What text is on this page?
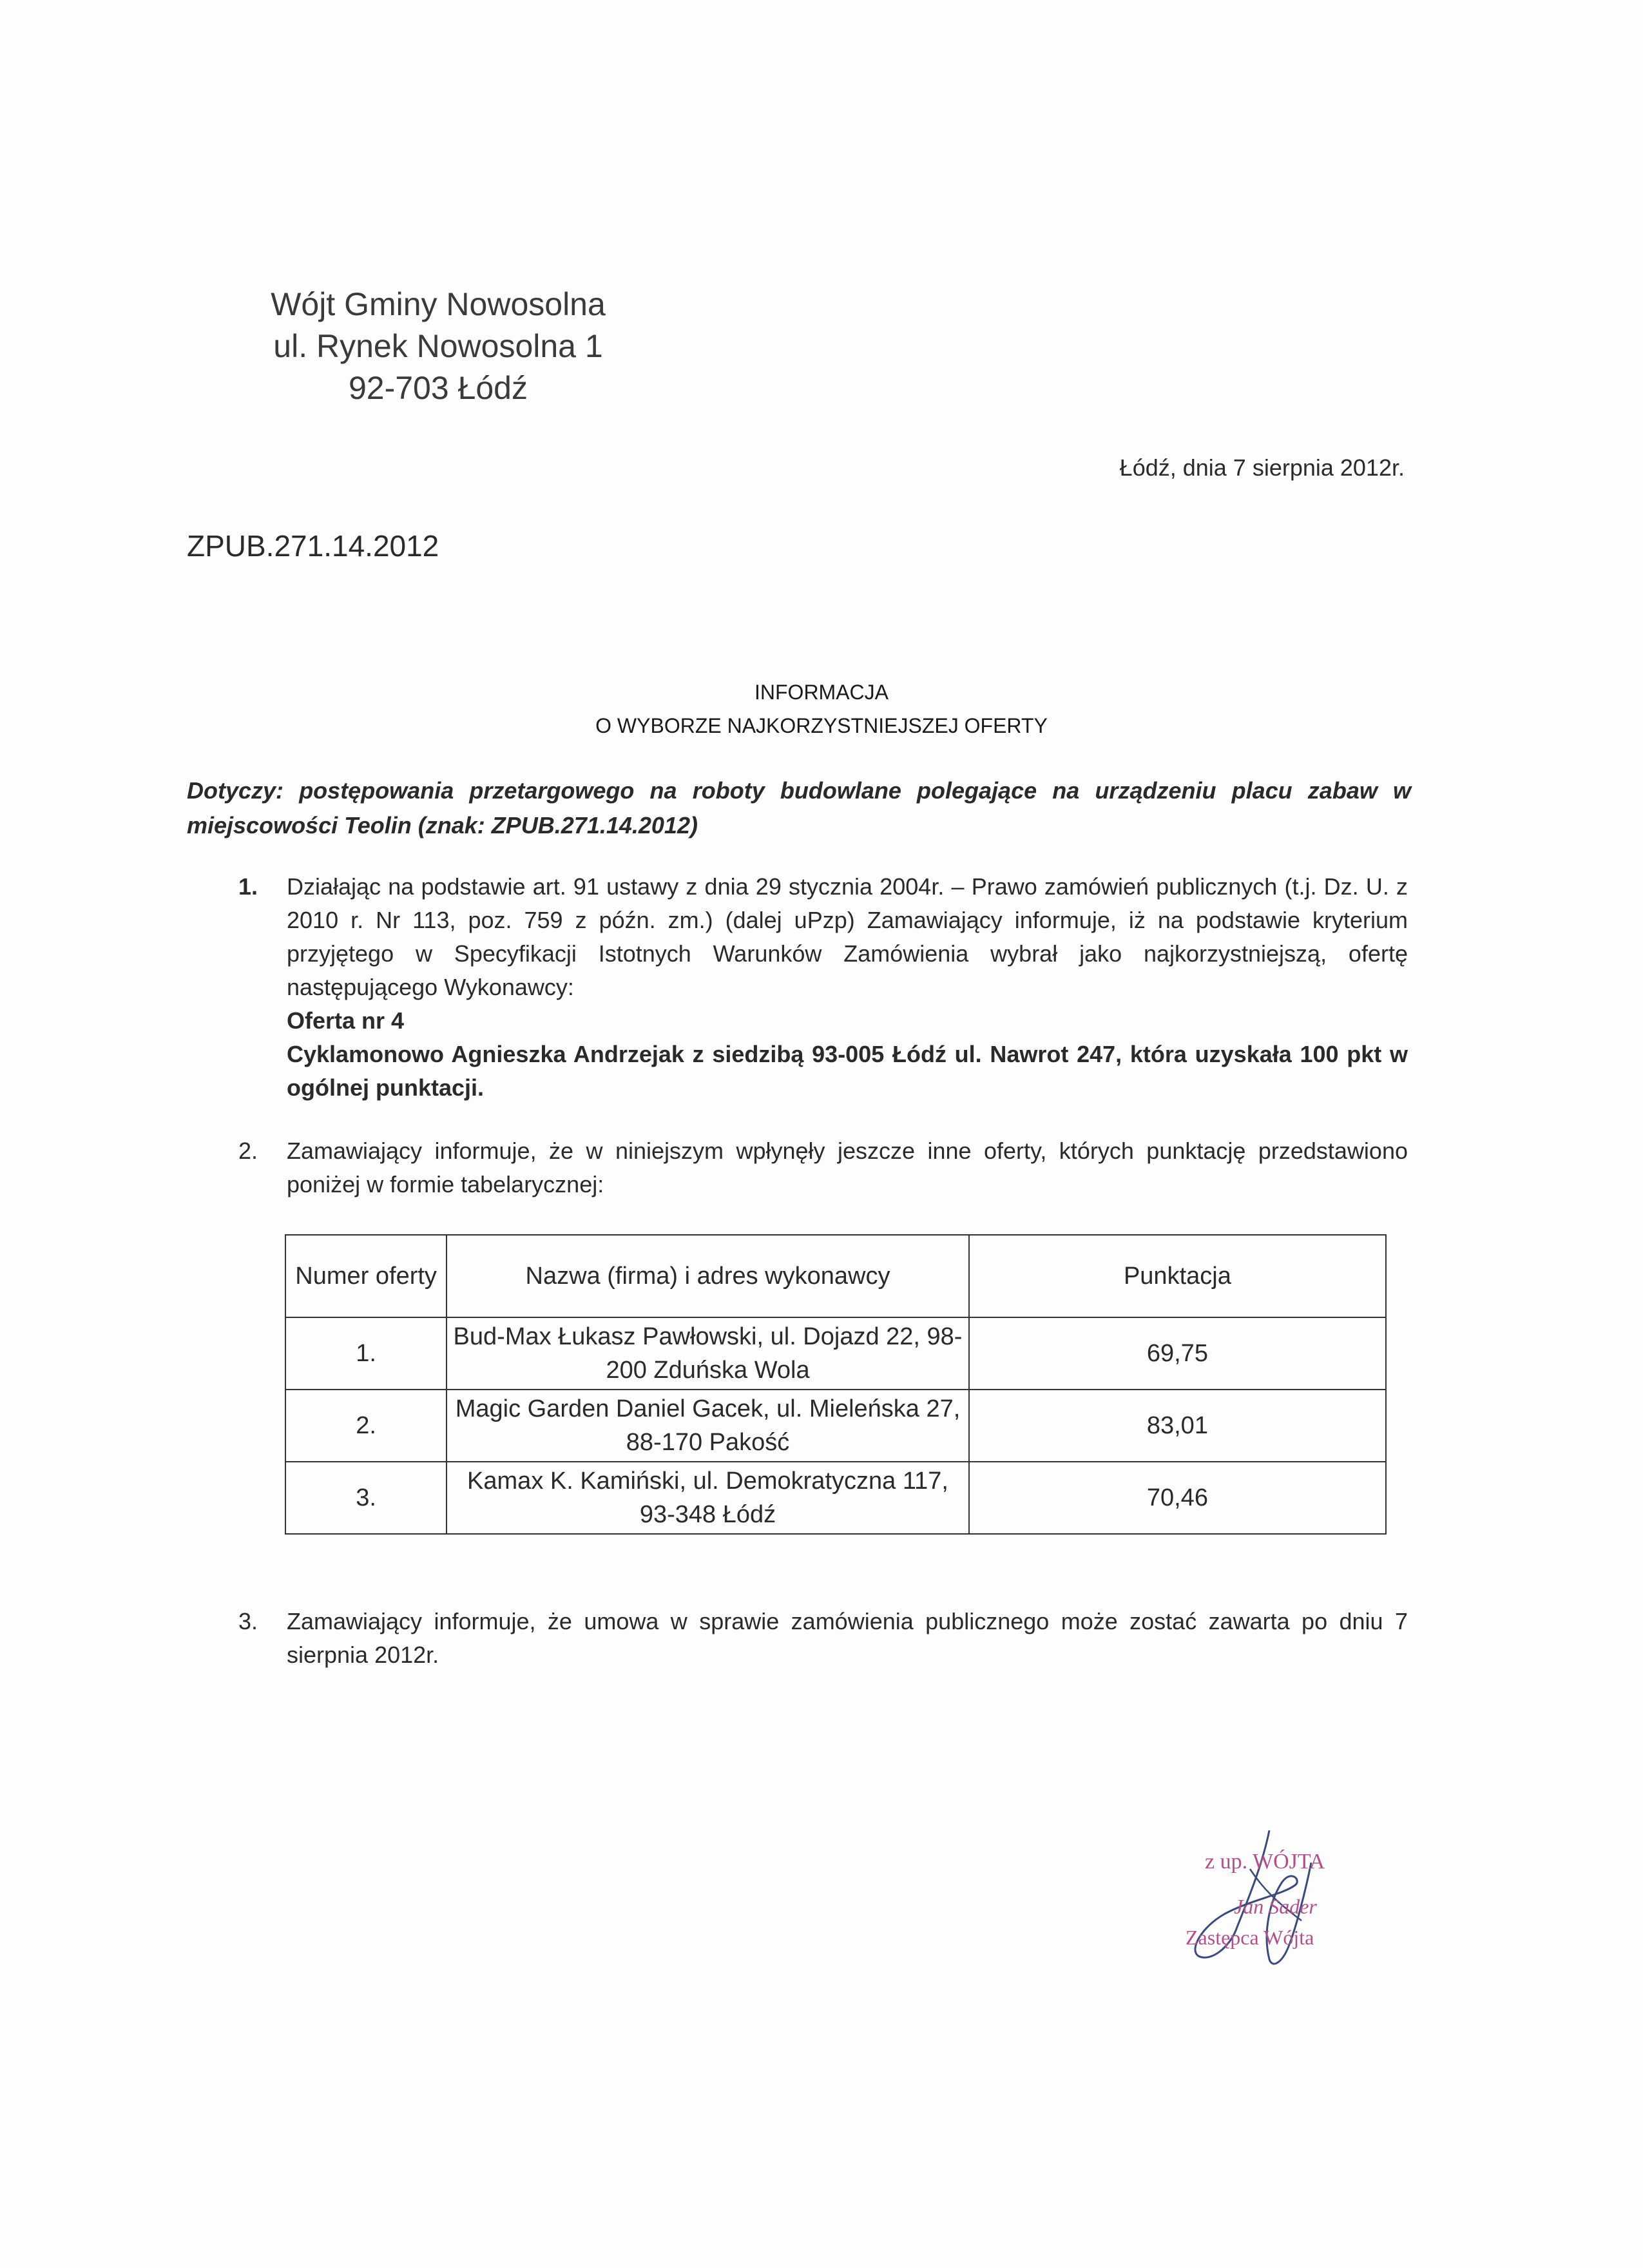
Wójt Gminy Nowosolna
ul. Rynek Nowosolna 1
92-703 Łódź
Łódź, dnia 7 sierpnia 2012r.
ZPUB.271.14.2012
INFORMACJA
O WYBORZE NAJKORZYSTNIEJSZEJ OFERTY
Dotyczy: postępowania przetargowego na roboty budowlane polegające na urządzeniu placu zabaw w miejscowości Teolin (znak: ZPUB.271.14.2012)
1.	Działając na podstawie art. 91 ustawy z dnia 29 stycznia 2004r. – Prawo zamówień publicznych (t.j. Dz. U. z 2010 r. Nr 113, poz. 759 z późn. zm.) (dalej uPzp) Zamawiający informuje, iż na podstawie kryterium przyjętego w Specyfikacji Istotnych Warunków Zamówienia wybrał jako najkorzystniejszą, ofertę następującego Wykonawcy:
Oferta nr 4
Cyklamonowo Agnieszka Andrzejak z siedzibą 93-005 Łódź ul. Nawrot 247, która uzyskała 100 pkt w ogólnej punktacji.
2.	Zamawiający informuje, że w niniejszym wpłynęły jeszcze inne oferty, których punktację przedstawiono poniżej w formie tabelarycznej:
Numer oferty	Nazwa (firma) i adres wykonawcy	Punktacja
1.	Bud-Max Łukasz Pawłowski, ul. Dojazd 22, 98-200 Zduńska Wola	69,75
2.	Magic Garden Daniel Gacek, ul. Mieleńska 27, 88-170 Pakość	83,01
3.	Kamax K. Kamiński, ul. Demokratyczna 117, 93-348 Łódź	70,46
3.	Zamawiający informuje, że umowa w sprawie zamówienia publicznego może zostać zawarta po dniu 7 sierpnia 2012r.
z up. WÓJTA
Jan Sader
Zastępca Wójta
